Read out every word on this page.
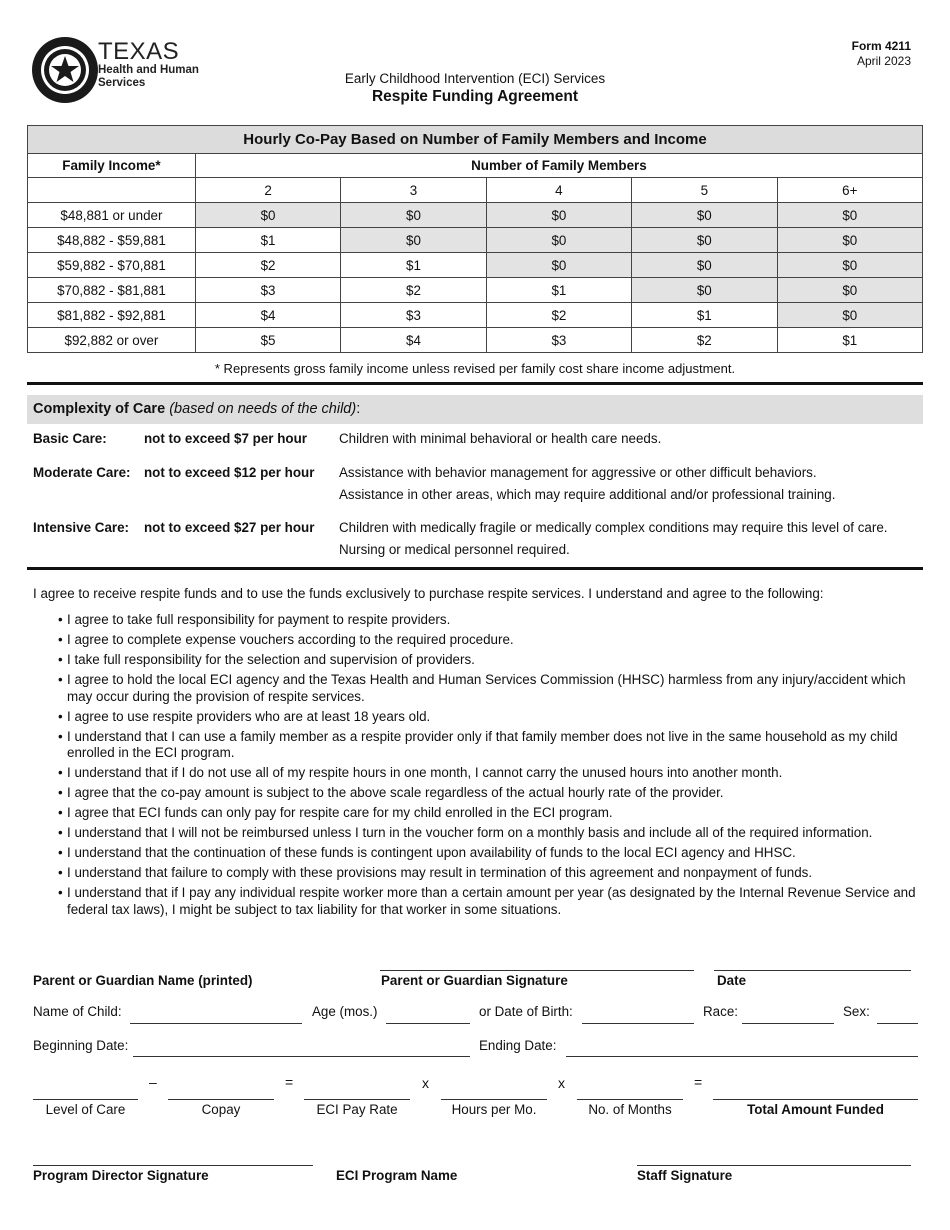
TEXAS
Health and Human
Services
Form 4211
April 2023
Early Childhood Intervention (ECI) Services
Respite Funding Agreement
Hourly Co-Pay Based on Number of Family Members and Income					
Family Income*	Number of Family Members				
	2	3	4	5	6+
$48,881 or under	$0	$0	$0	$0	$0
$48,882 - $59,881	$1	$0	$0	$0	$0
$59,882 - $70,881	$2	$1	$0	$0	$0
$70,882 - $81,881	$3	$2	$1	$0	$0
$81,882 - $92,881	$4	$3	$2	$1	$0
$92,882 or over	$5	$4	$3	$2	$1
* Represents gross family income unless revised per family cost share income adjustment.
Complexity of Care (based on needs of the child):
Basic Care:	not to exceed $7 per hour Children with minimal behavioral or health care needs.
Moderate Care: not to exceed $12 per hour Assistance with behavior management for aggressive or other difficult behaviors.
Assistance in other areas, which may require additional and/or professional training.
Intensive Care: not to exceed $27 per hour Children with medically fragile or medically complex conditions may require this level of care.
Nursing or medical personnel required.
I agree to receive respite funds and to use the funds exclusively to purchase respite services. I understand and agree to the following:
• I agree to take full responsibility for payment to respite providers.
• I agree to complete expense vouchers according to the required procedure.
• I take full responsibility for the selection and supervision of providers.
• I agree to hold the local ECI agency and the Texas Health and Human Services Commission (HHSC) harmless from any injury/accident which may occur during the provision of respite services.
• I agree to use respite providers who are at least 18 years old.
• I understand that I can use a family member as a respite provider only if that family member does not live in the same household as my child enrolled in the ECI program.
• I understand that if I do not use all of my respite hours in one month, I cannot carry the unused hours into another month.
• I agree that the co-pay amount is subject to the above scale regardless of the actual hourly rate of the provider.
• I agree that ECI funds can only pay for respite care for my child enrolled in the ECI program.
• I understand that I will not be reimbursed unless I turn in the voucher form on a monthly basis and include all of the required information.
• I understand that the continuation of these funds is contingent upon availability of funds to the local ECI agency and HHSC.
• I understand that failure to comply with these provisions may result in termination of this agreement and nonpayment of funds.
• I understand that if I pay any individual respite worker more than a certain amount per year (as designated by the Internal Revenue Service and federal tax laws), I might be subject to tax liability for that worker in some situations.
Parent or Guardian Name (printed)	Parent or Guardian Signature	Date
Name of Child:	Age (mos.)	or Date of Birth:	Race:	Sex:
Beginning Date:	Ending Date:
–	=	x	x	=
Level of Care	Copay	ECI Pay Rate	Hours per Mo.	No. of Months	Total Amount Funded
Program Director Signature	ECI Program Name	Staff Signature
